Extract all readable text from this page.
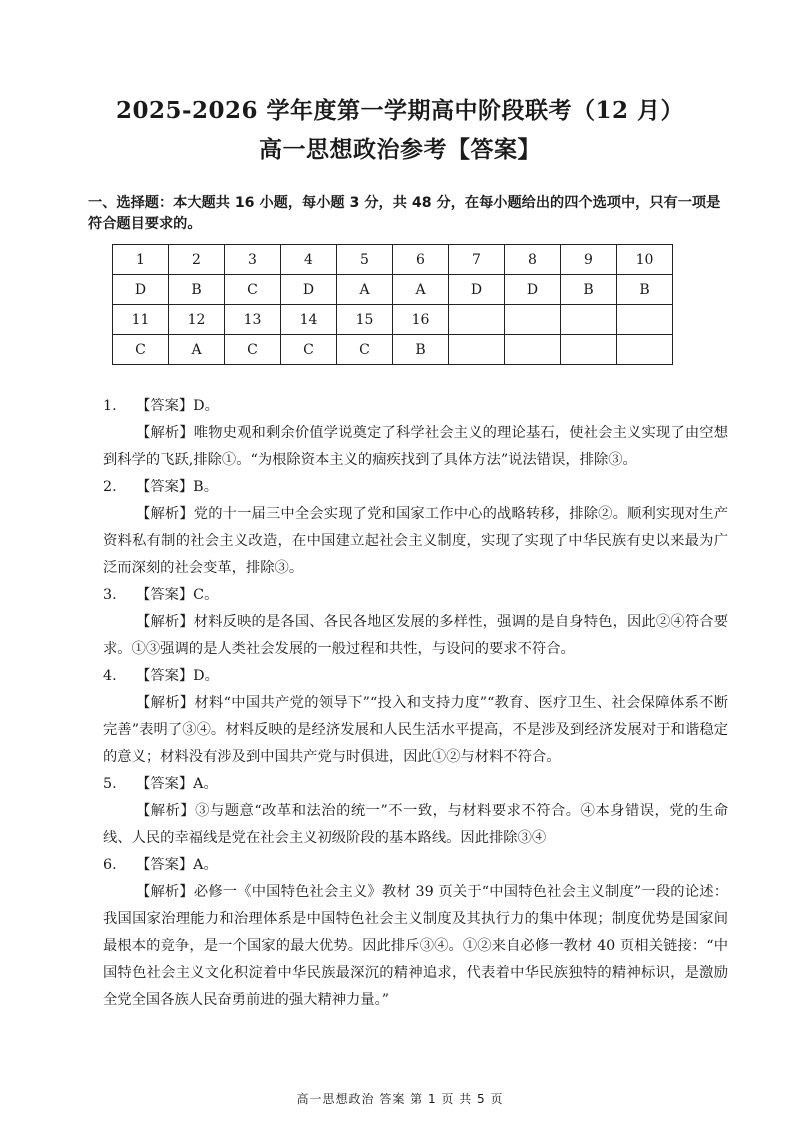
2025-2026 学年度第一学期高中阶段联考（12 月）
高一思想政治参考【答案】
一、选择题：本大题共 16 小题，每小题 3 分，共 48 分，在每小题给出的四个选项中，只有一项是符合题目要求的。
1	2	3	4	5	6	7	8	9	10
D	B	C	D	A	A	D	D	B	B
11	12	13	14	15	16				
C	A	C	C	C	B				
1. 【答案】D。

【解析】唯物史观和剩余价值学说奠定了科学社会主义的理论基石，使社会主义实现了由空想到科学的飞跃,排除①。“为根除资本主义的痼疾找到了具体方法”说法错误，排除③。

2. 【答案】B。

【解析】党的十一届三中全会实现了党和国家工作中心的战略转移，排除②。顺利实现对生产资料私有制的社会主义改造，在中国建立起社会主义制度，实现了实现了中华民族有史以来最为广泛而深刻的社会变革，排除③。

3. 【答案】C。

【解析】材料反映的是各国、各民各地区发展的多样性，强调的是自身特色，因此②④符合要求。①③强调的是人类社会发展的一般过程和共性，与设问的要求不符合。

4. 【答案】D。

【解析】材料“中国共产党的领导下”“投入和支持力度”“教育、医疗卫生、社会保障体系不断完善”表明了③④。材料反映的是经济发展和人民生活水平提高，不是涉及到经济发展对于和谐稳定的意义；材料没有涉及到中国共产党与时俱进，因此①②与材料不符合。

5. 【答案】A。

【解析】③与题意“改革和法治的统一”不一致，与材料要求不符合。④本身错误，党的生命线、人民的幸福线是党在社会主义初级阶段的基本路线。因此排除③④

6. 【答案】A。

【解析】必修一《中国特色社会主义》教材 39 页关于“中国特色社会主义制度”一段的论述：我国国家治理能力和治理体系是中国特色社会主义制度及其执行力的集中体现；制度优势是国家间最根本的竞争，是一个国家的最大优势。因此排斥③④。①②来自必修一教材 40 页相关链接：“中国特色社会主义文化积淀着中华民族最深沉的精神追求，代表着中华民族独特的精神标识，是激励全党全国各族人民奋勇前进的强大精神力量。”

高一思想政治 答案 第 1 页 共 5 页
